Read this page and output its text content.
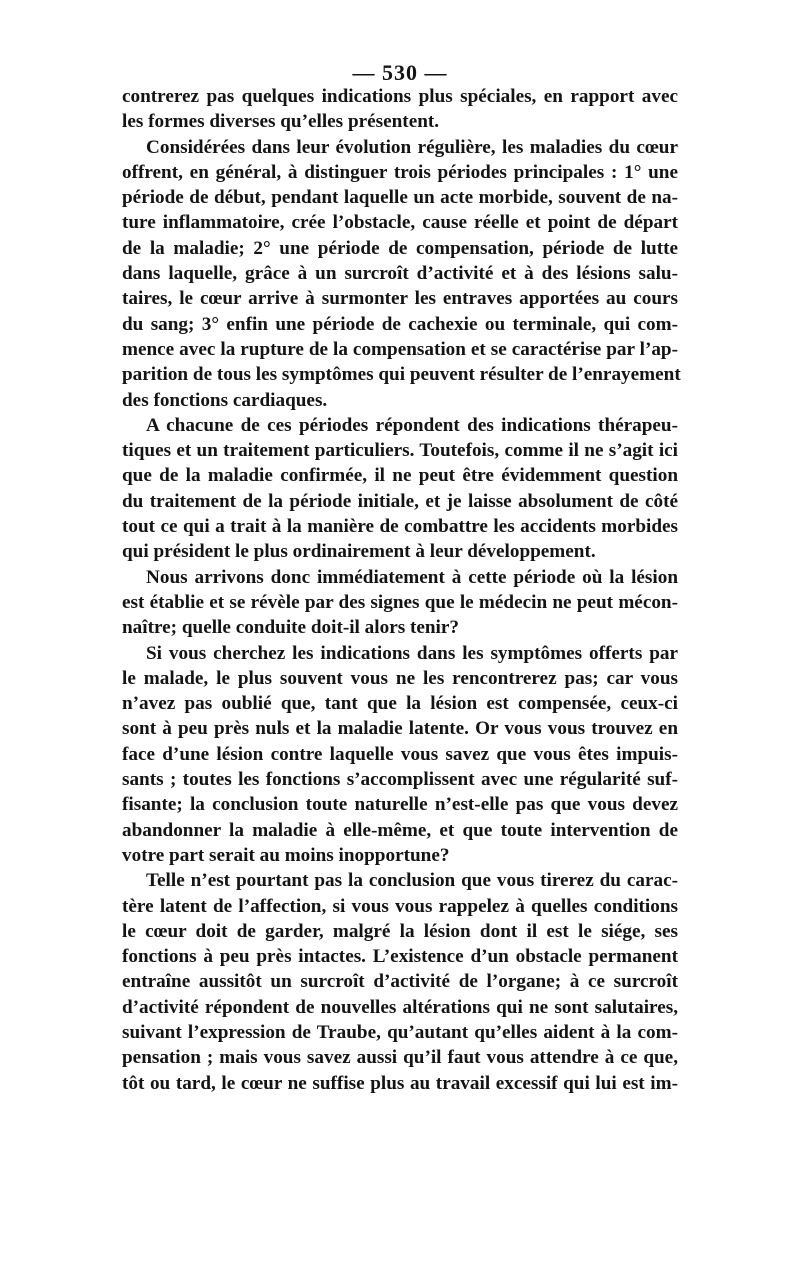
— 530 —
contrerez pas quelques indications plus spéciales, en rapport avec
les formes diverses qu’elles présentent.
Considérées dans leur évolution régulière, les maladies du cœur
offrent, en général, à distinguer trois périodes principales : 1° une
période de début, pendant laquelle un acte morbide, souvent de na-
ture inflammatoire, crée l’obstacle, cause réelle et point de départ
de la maladie; 2° une période de compensation, période de lutte
dans laquelle, grâce à un surcroît d’activité et à des lésions salu-
taires, le cœur arrive à surmonter les entraves apportées au cours
du sang; 3° enfin une période de cachexie ou terminale, qui com-
mence avec la rupture de la compensation et se caractérise par l’ap-
parition de tous les symptômes qui peuvent résulter de l’enrayement
des fonctions cardiaques.
A chacune de ces périodes répondent des indications thérapeu-
tiques et un traitement particuliers. Toutefois, comme il ne s’agit ici
que de la maladie confirmée, il ne peut être évidemment question
du traitement de la période initiale, et je laisse absolument de côté
tout ce qui a trait à la manière de combattre les accidents morbides
qui président le plus ordinairement à leur développement.
Nous arrivons donc immédiatement à cette période où la lésion
est établie et se révèle par des signes que le médecin ne peut mécon-
naître; quelle conduite doit-il alors tenir?
Si vous cherchez les indications dans les symptômes offerts par
le malade, le plus souvent vous ne les rencontrerez pas; car vous
n’avez pas oublié que, tant que la lésion est compensée, ceux-ci
sont à peu près nuls et la maladie latente. Or vous vous trouvez en
face d’une lésion contre laquelle vous savez que vous êtes impuis-
sants ; toutes les fonctions s’accomplissent avec une régularité suf-
fisante; la conclusion toute naturelle n’est-elle pas que vous devez
abandonner la maladie à elle-même, et que toute intervention de
votre part serait au moins inopportune?
Telle n’est pourtant pas la conclusion que vous tirerez du carac-
tère latent de l’affection, si vous vous rappelez à quelles conditions
le cœur doit de garder, malgré la lésion dont il est le siége, ses
fonctions à peu près intactes. L’existence d’un obstacle permanent
entraîne aussitôt un surcroît d’activité de l’organe; à ce surcroît
d’activité répondent de nouvelles altérations qui ne sont salutaires,
suivant l’expression de Traube, qu’autant qu’elles aident à la com-
pensation ; mais vous savez aussi qu’il faut vous attendre à ce que,
tôt ou tard, le cœur ne suffise plus au travail excessif qui lui est im-
